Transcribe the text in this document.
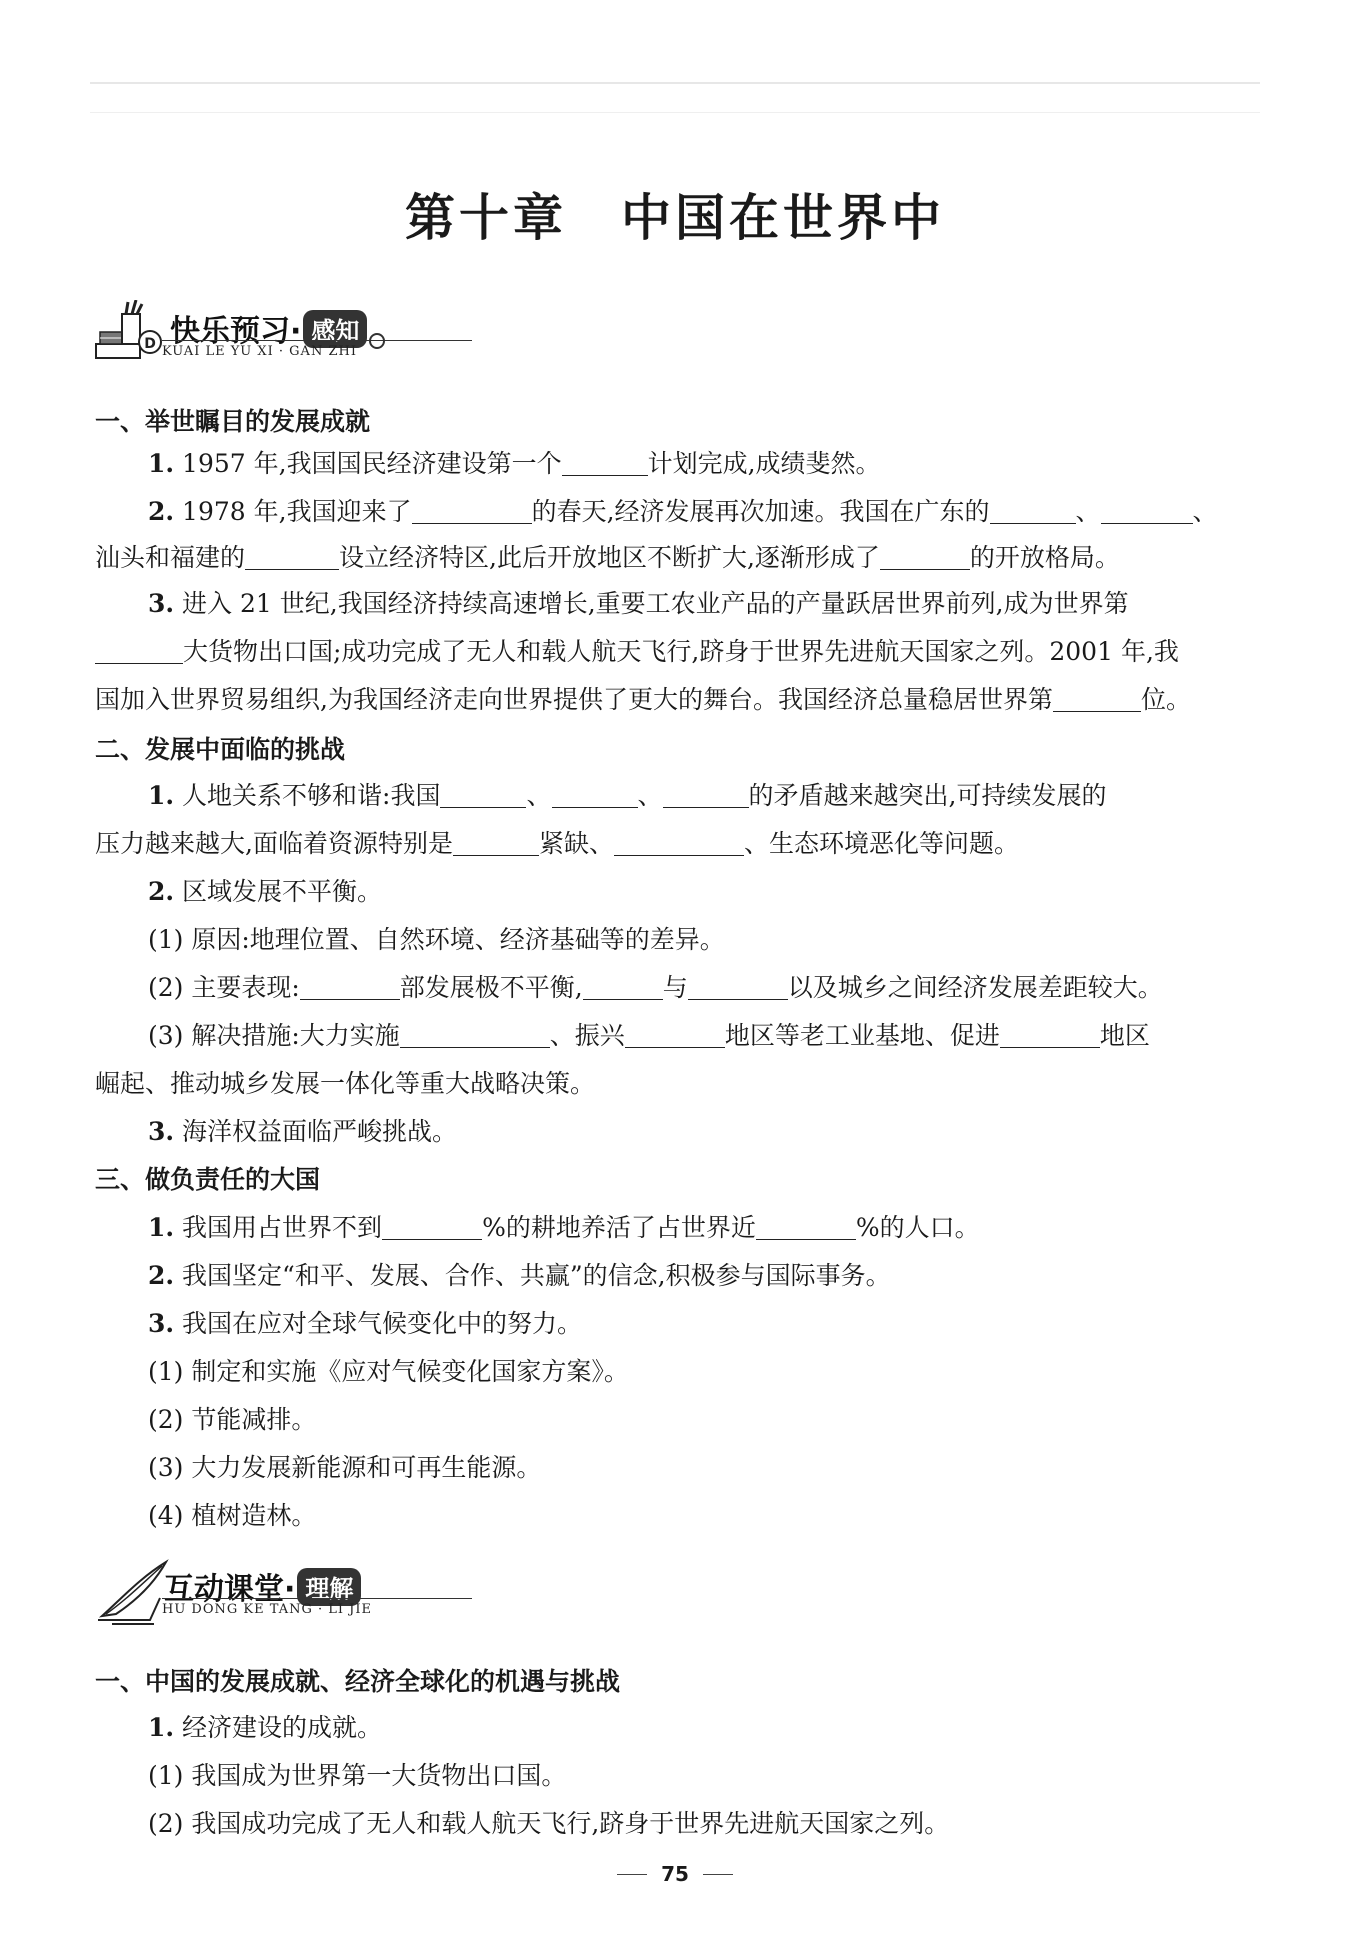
第十章 中国在世界中
D 快乐预习· 感知
KUAI LE YU XI · GAN ZHI

一、举世瞩目的发展成就

1. 1957 年,我国国民经济建设第一个	计划完成,成绩斐然。

2. 1978 年,我国迎来了	的春天,经济发展再次加速。我国在广东的	、	、

汕头和福建的	设立经济特区,此后开放地区不断扩大,逐渐形成了	的开放格局。

3. 进入 21 世纪,我国经济持续高速增长,重要工农业产品的产量跃居世界前列,成为世界第

大货物出口国;成功完成了无人和载人航天飞行,跻身于世界先进航天国家之列。2001 年,我

国加入世界贸易组织,为我国经济走向世界提供了更大的舞台。我国经济总量稳居世界第	位。

二、发展中面临的挑战

1. 人地关系不够和谐:我国	、	、	的矛盾越来越突出,可持续发展的

压力越来越大,面临着资源特别是	紧缺、	、生态环境恶化等问题。

2. 区域发展不平衡。

(1) 原因:地理位置、自然环境、经济基础等的差异。

(2) 主要表现:	部发展极不平衡,	与	以及城乡之间经济发展差距较大。

(3) 解决措施:大力实施	、振兴	地区等老工业基地、促进	地区

崛起、推动城乡发展一体化等重大战略决策。

3. 海洋权益面临严峻挑战。

三、做负责任的大国

1. 我国用占世界不到	%的耕地养活了占世界近	%的人口。

2. 我国坚定“和平、发展、合作、共赢”的信念,积极参与国际事务。

3. 我国在应对全球气候变化中的努力。

(1) 制定和实施《应对气候变化国家方案》。

(2) 节能减排。

(3) 大力发展新能源和可再生能源。

(4) 植树造林。

互动课堂· 理解
HU DONG KE TANG · LI JIE

一、中国的发展成就、经济全球化的机遇与挑战

1. 经济建设的成就。

(1) 我国成为世界第一大货物出口国。

(2) 我国成功完成了无人和载人航天飞行,跻身于世界先进航天国家之列。

75
